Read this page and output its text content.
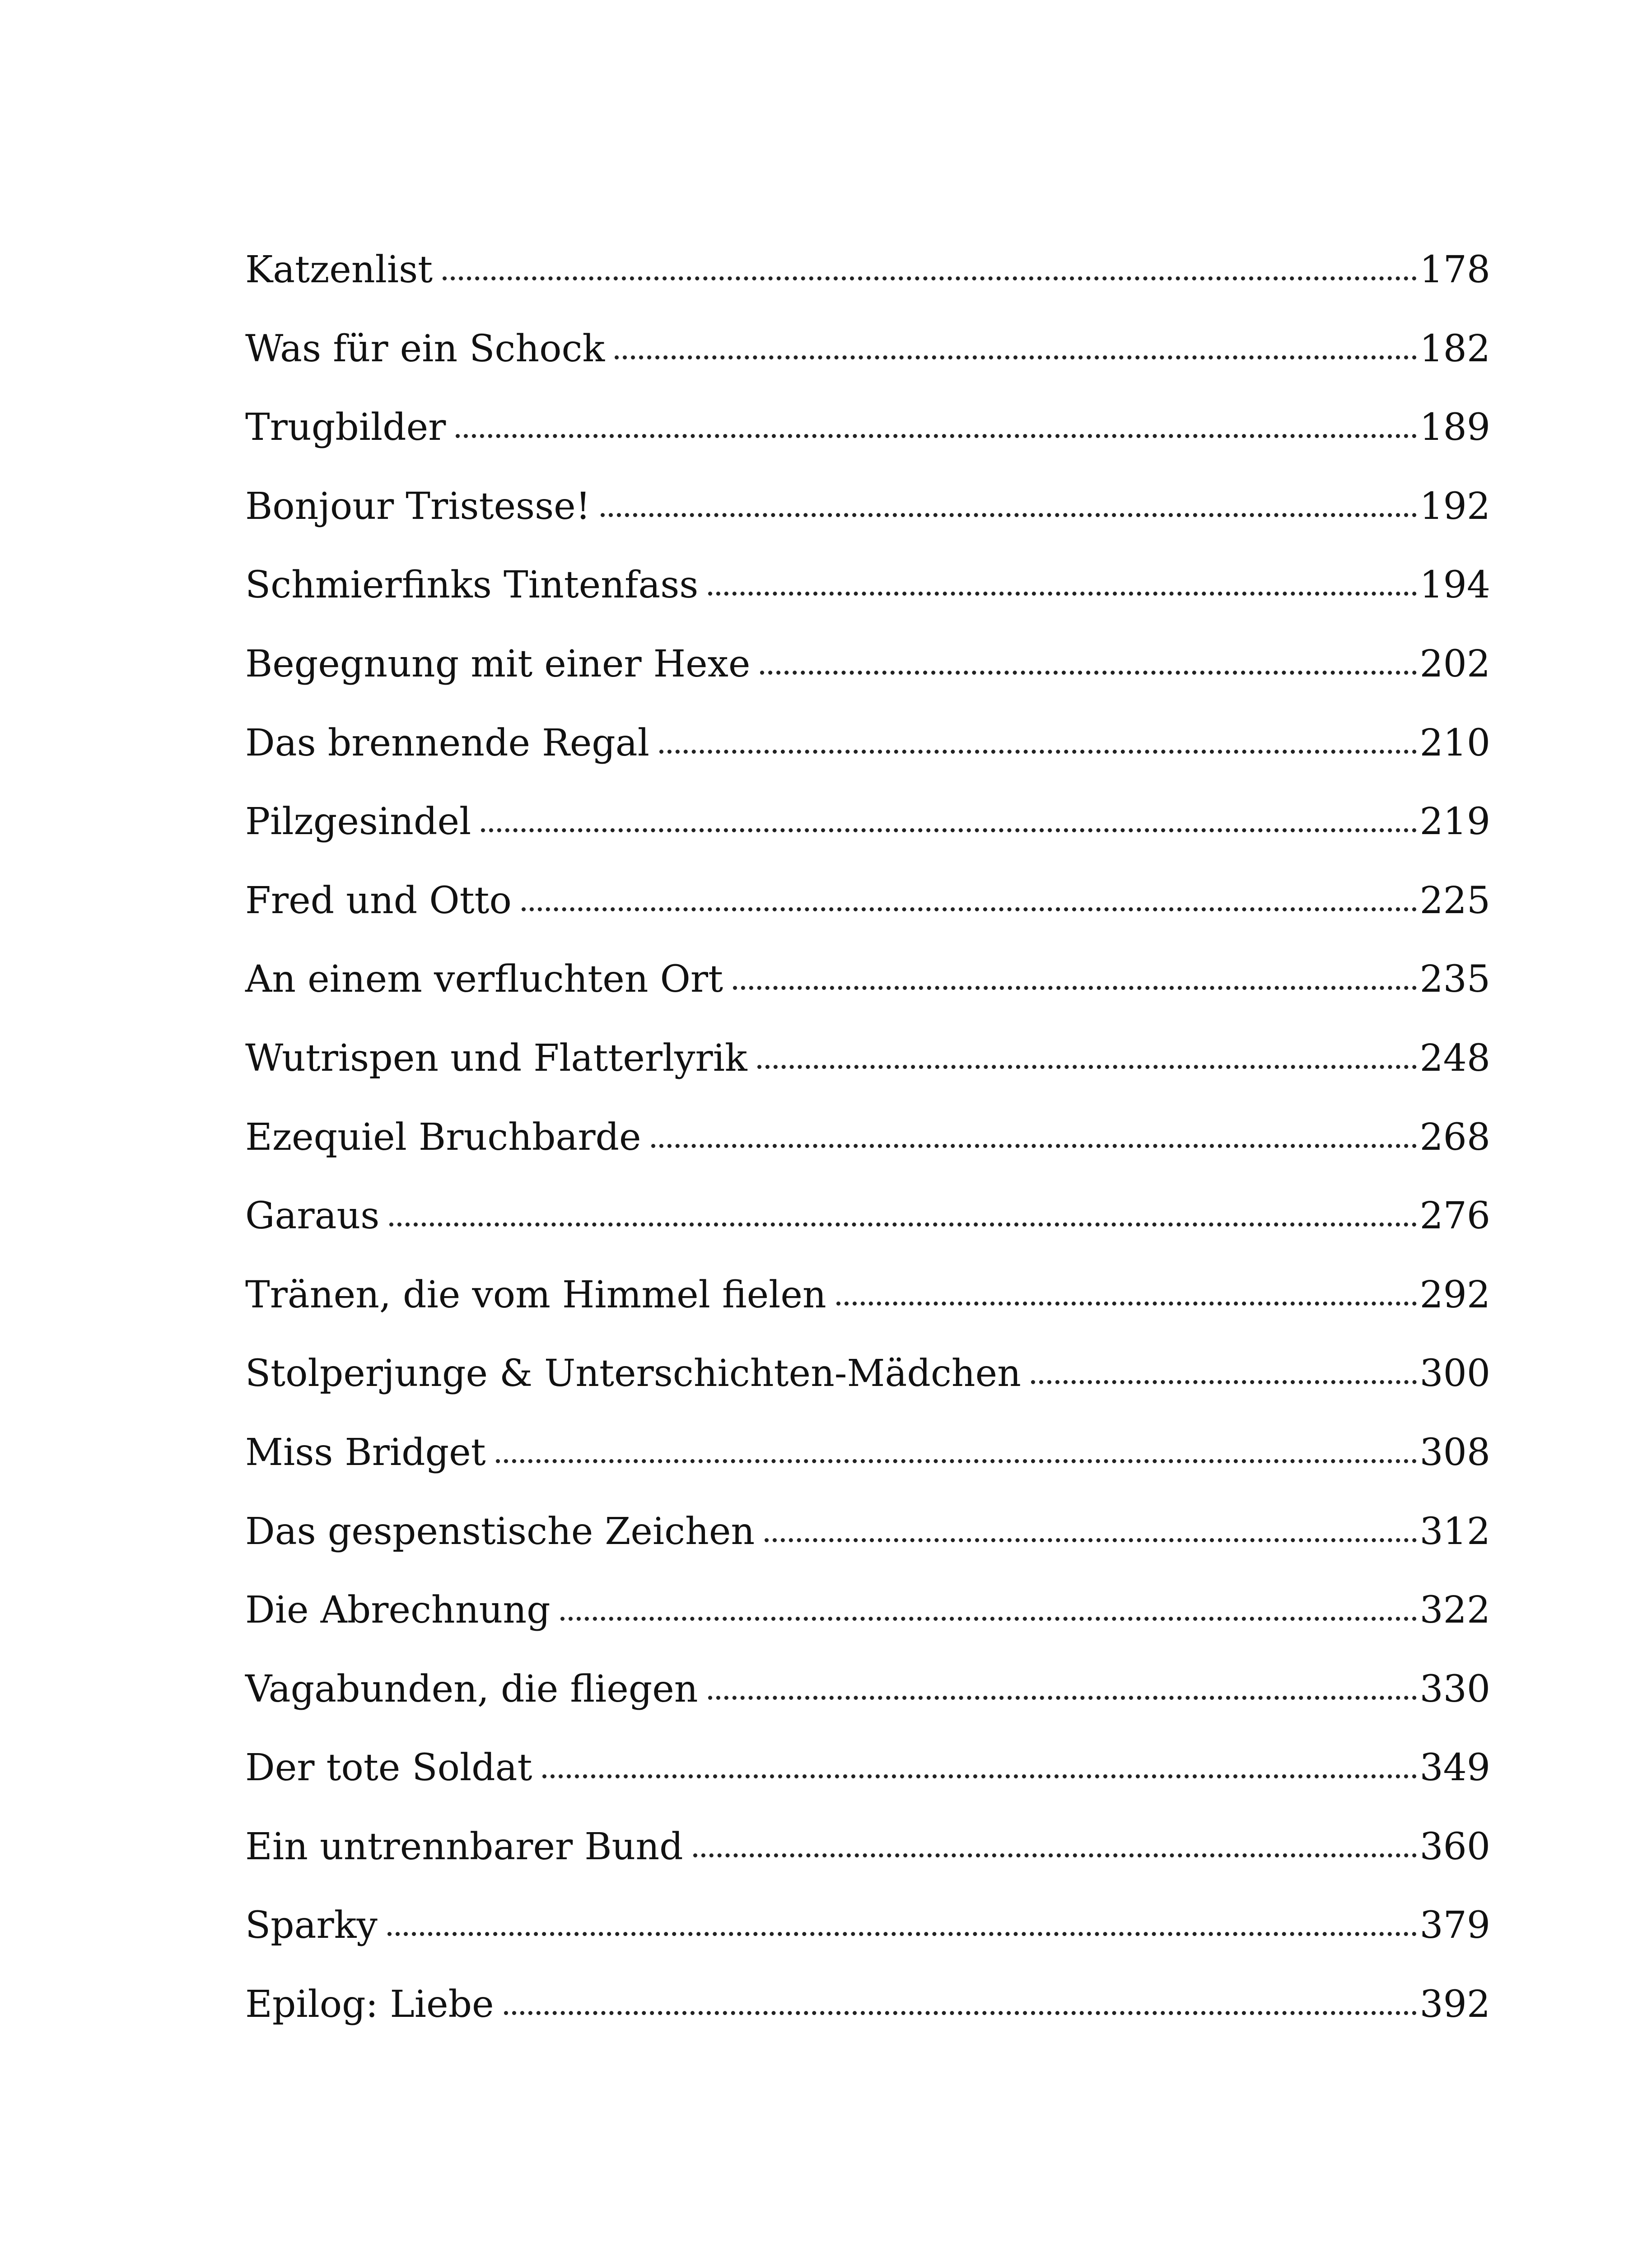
Katzenlist	178
Was für ein Schock	182
Trugbilder	189
Bonjour Tristesse!	192
Schmierfinks Tintenfass	194
Begegnung mit einer Hexe	202
Das brennende Regal	210
Pilzgesindel	219
Fred und Otto	225
An einem verfluchten Ort	235
Wutrispen und Flatterlyrik	248
Ezequiel Bruchbarde	268
Garaus	276
Tränen, die vom Himmel fielen	292
Stolperjunge & Unterschichten-Mädchen	300
Miss Bridget	308
Das gespenstische Zeichen	312
Die Abrechnung	322
Vagabunden, die fliegen	330
Der tote Soldat	349
Ein untrennbarer Bund	360
Sparky	379
Epilog: Liebe	392
